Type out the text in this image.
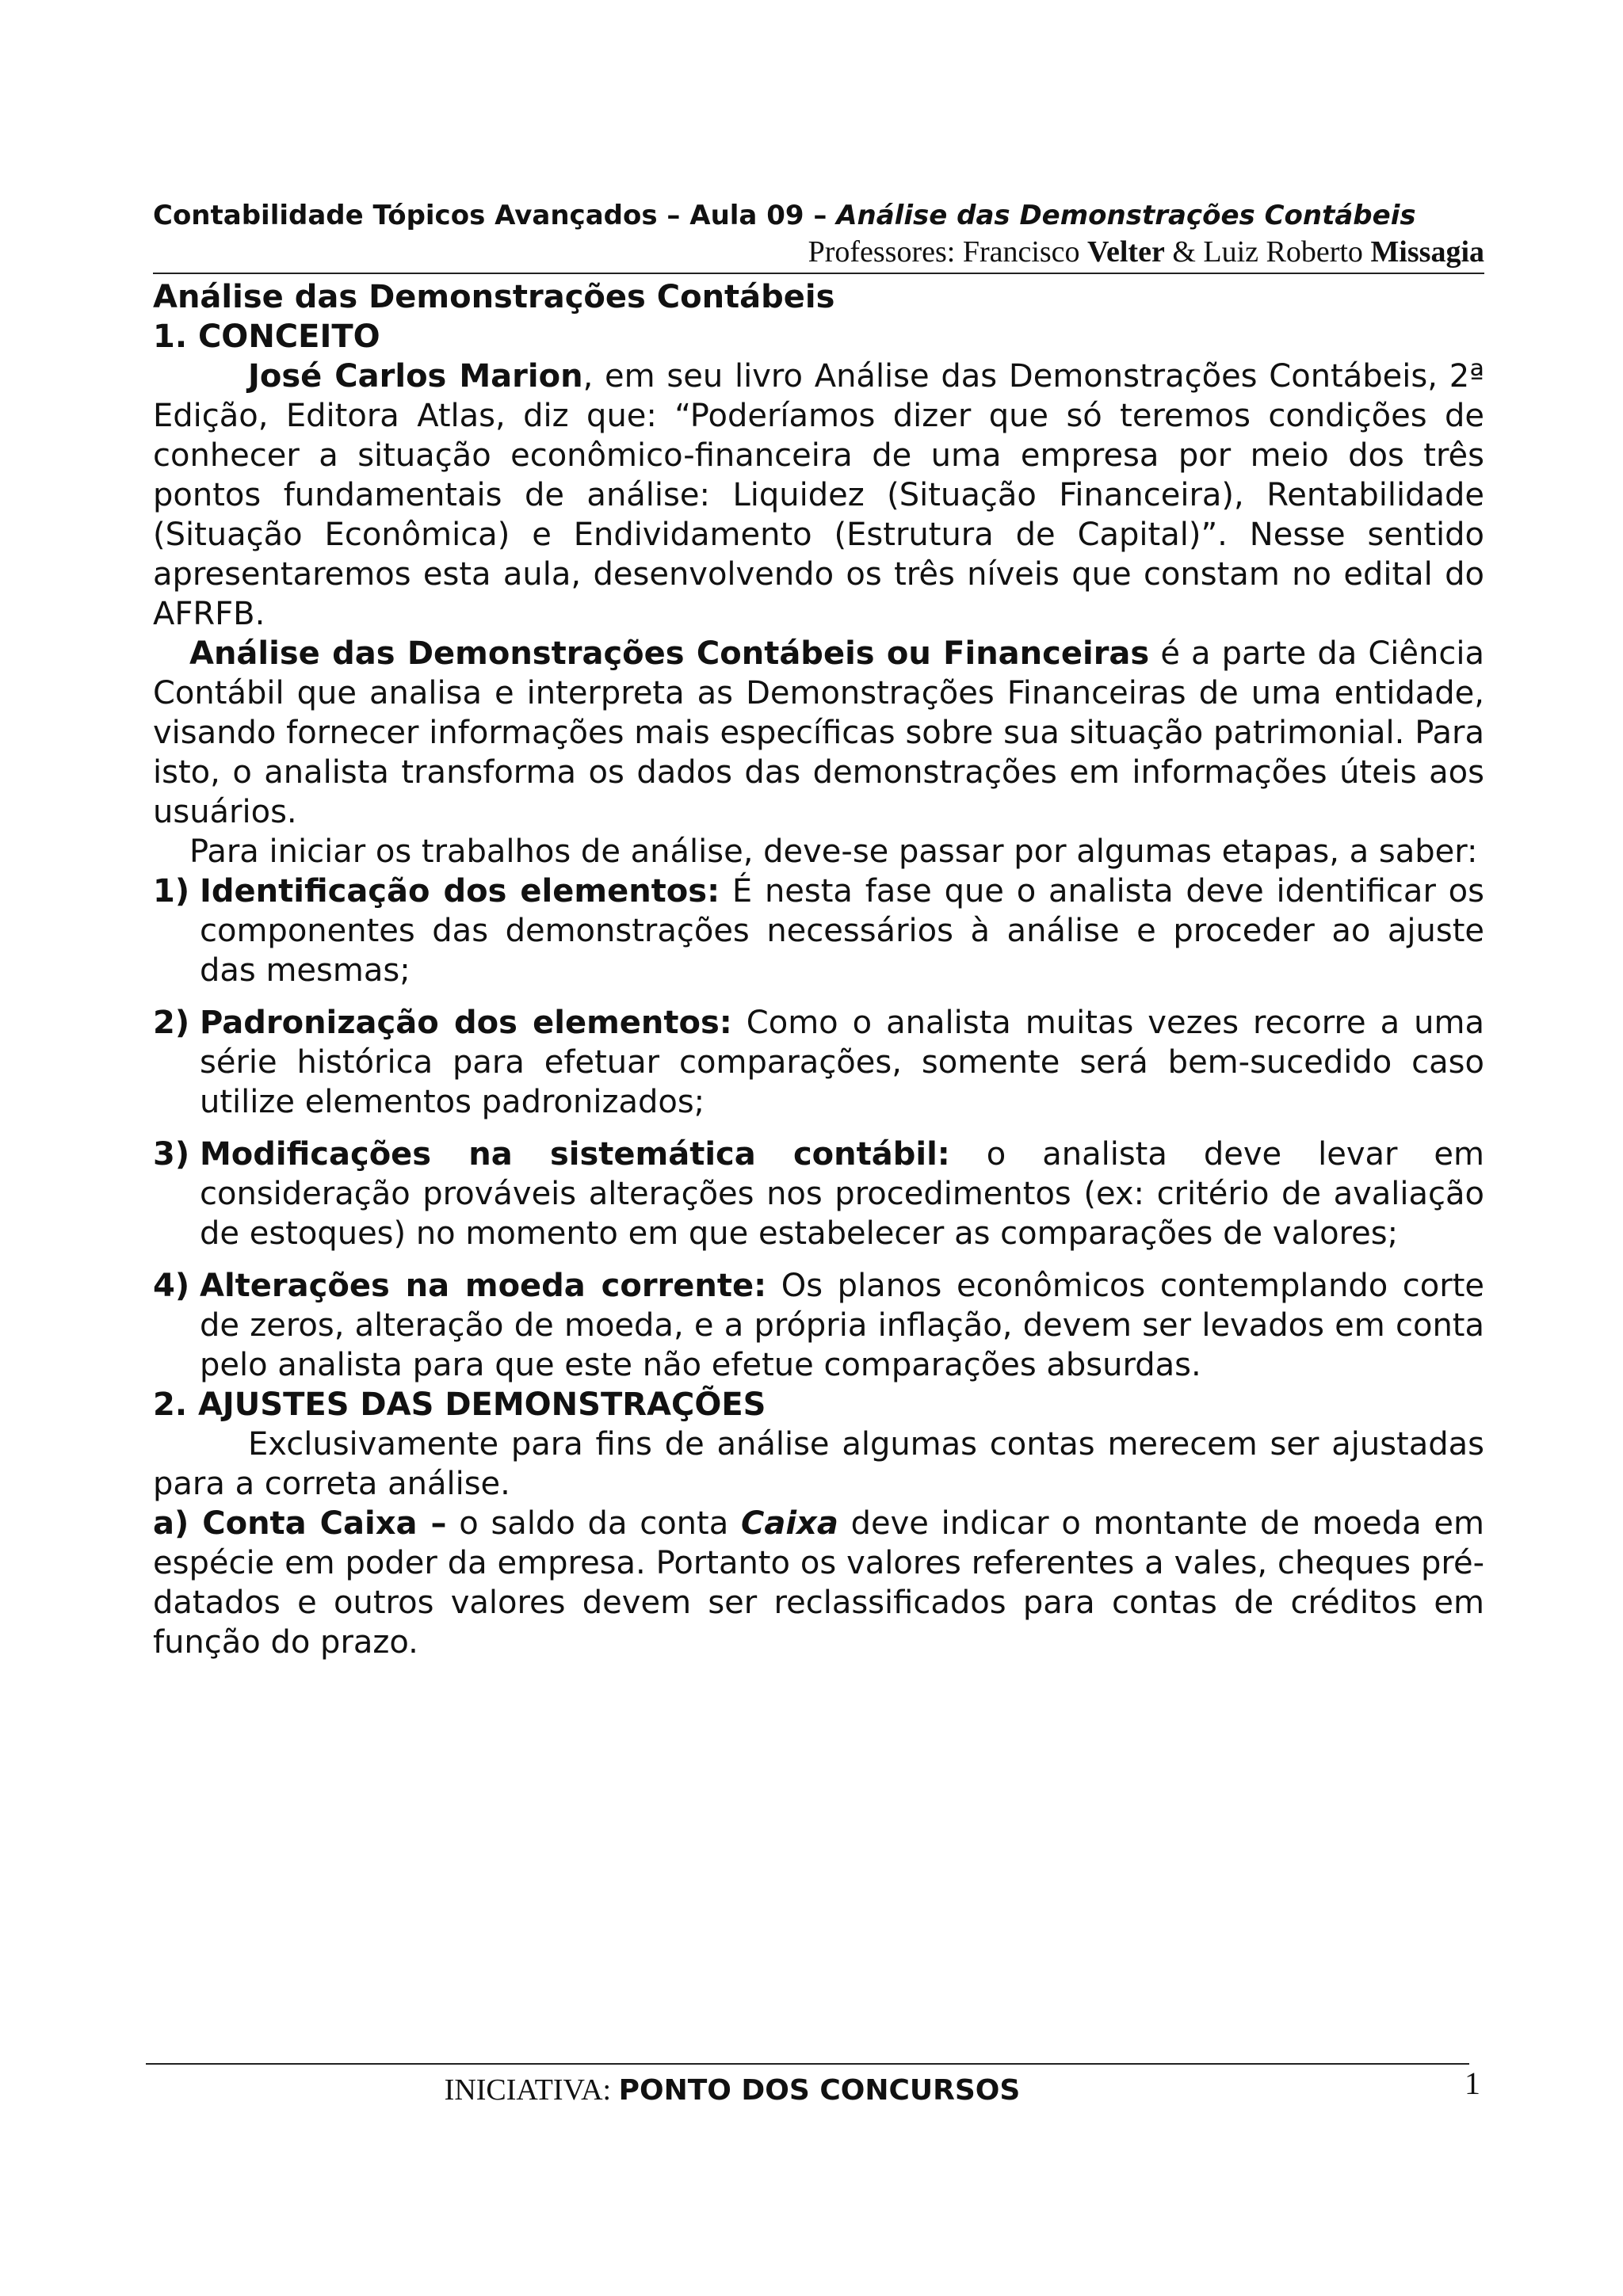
Contabilidade Tópicos Avançados – Aula 09 – Análise das Demonstrações Contábeis
Professores: Francisco Velter & Luiz Roberto Missagia

Análise das Demonstrações Contábeis

1. CONCEITO

José Carlos Marion, em seu livro Análise das Demonstrações Contábeis, 2ª Edição, Editora Atlas, diz que: “Poderíamos dizer que só teremos condições de conhecer a situação econômico-financeira de uma empresa por meio dos três pontos fundamentais de análise: Liquidez (Situação Financeira), Rentabilidade (Situação Econômica) e Endividamento (Estrutura de Capital)”. Nesse sentido apresentaremos esta aula, desenvolvendo os três níveis que constam no edital do AFRFB.

Análise das Demonstrações Contábeis ou Financeiras é a parte da Ciência Contábil que analisa e interpreta as Demonstrações Financeiras de uma entidade, visando fornecer informações mais específicas sobre sua situação patrimonial. Para isto, o analista transforma os dados das demonstrações em informações úteis aos usuários.

Para iniciar os trabalhos de análise, deve-se passar por algumas etapas, a saber:

1) Identificação dos elementos: É nesta fase que o analista deve identificar os componentes das demonstrações necessários à análise e proceder ao ajuste das mesmas;
2) Padronização dos elementos: Como o analista muitas vezes recorre a uma série histórica para efetuar comparações, somente será bem-sucedido caso utilize elementos padronizados;
3) Modificações na sistemática contábil: o analista deve levar em consideração prováveis alterações nos procedimentos (ex: critério de avaliação de estoques) no momento em que estabelecer as comparações de valores;
4) Alterações na moeda corrente: Os planos econômicos contemplando corte de zeros, alteração de moeda, e a própria inflação, devem ser levados em conta pelo analista para que este não efetue comparações absurdas.

2. AJUSTES DAS DEMONSTRAÇÕES

Exclusivamente para fins de análise algumas contas merecem ser ajustadas para a correta análise.

a) Conta Caixa – o saldo da conta Caixa deve indicar o montante de moeda em espécie em poder da empresa. Portanto os valores referentes a vales, cheques pré-datados e outros valores devem ser reclassificados para contas de créditos em função do prazo.

INICIATIVA: PONTO DOS CONCURSOS	1
